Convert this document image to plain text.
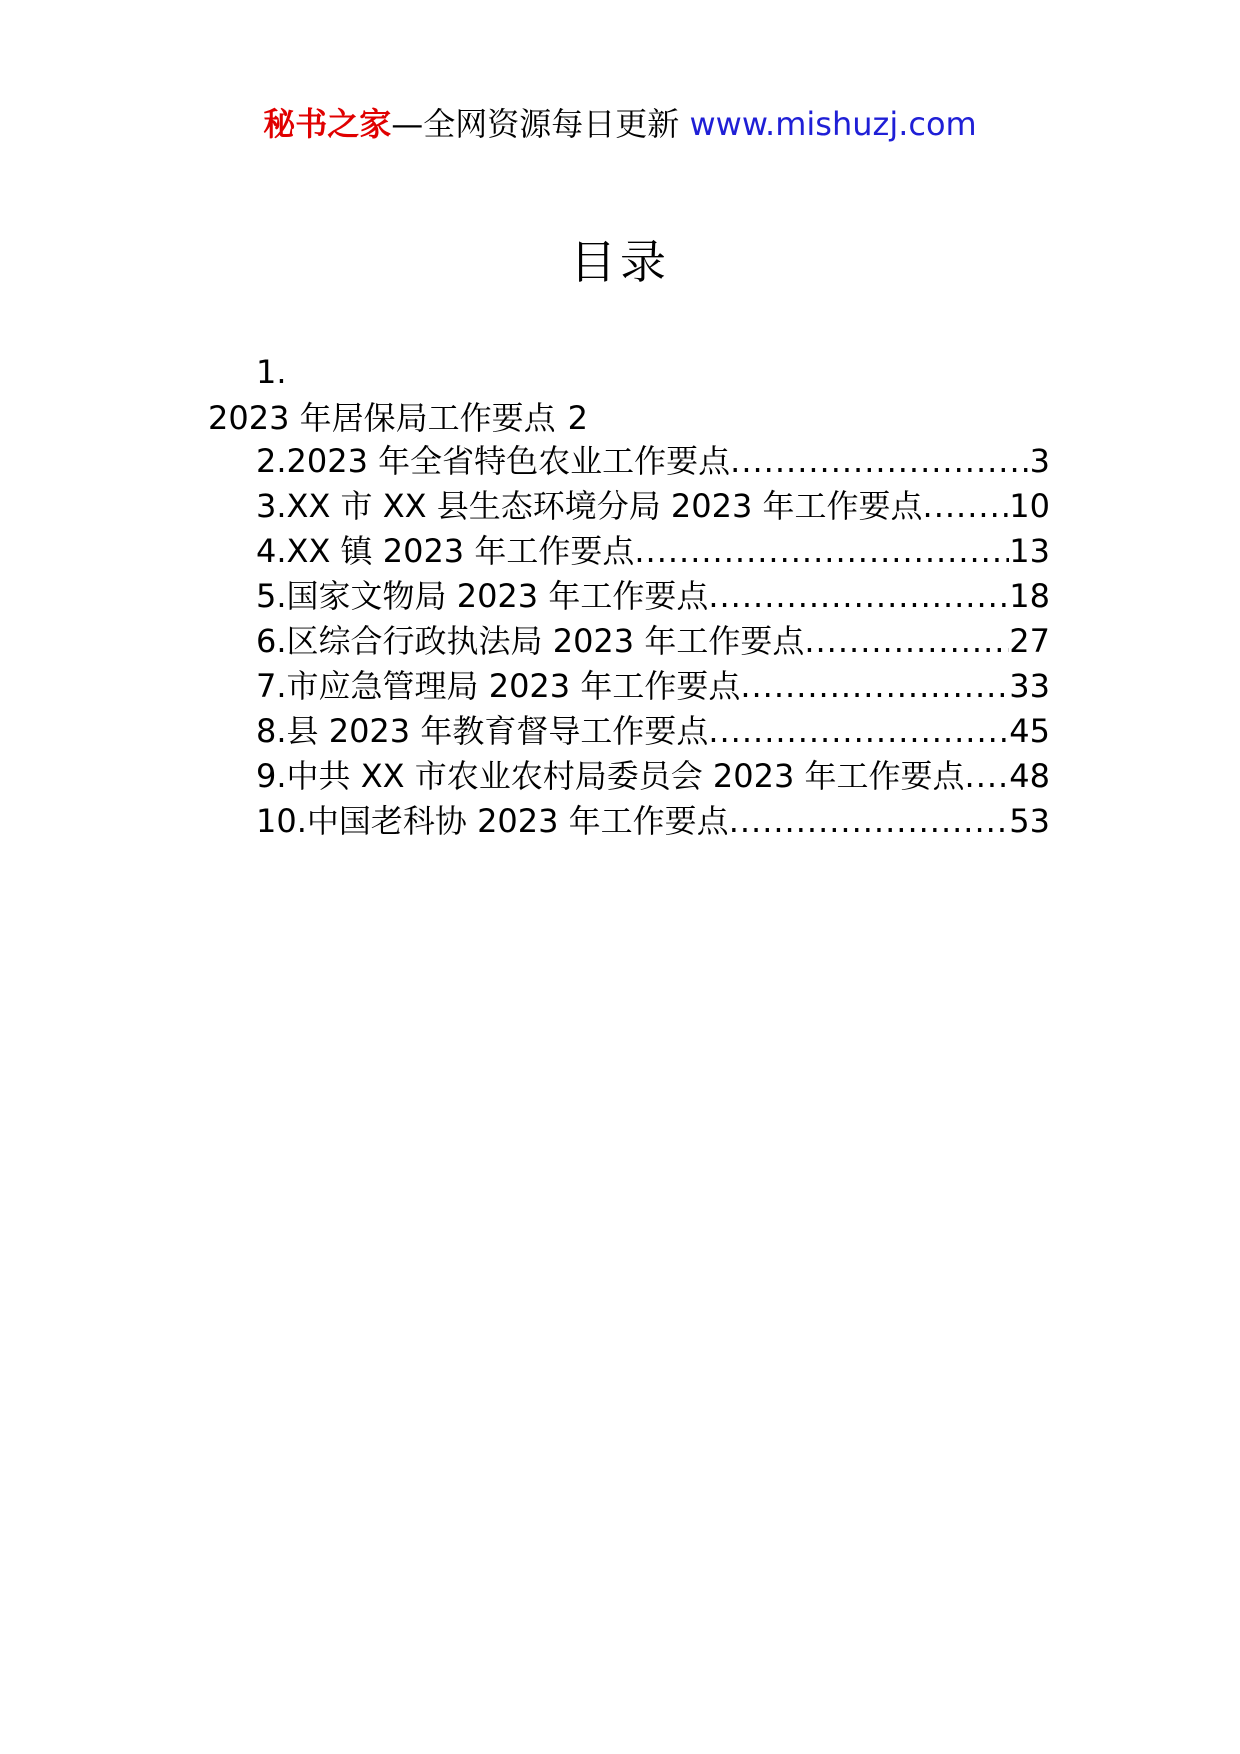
秘书之家—全网资源每日更新 www.mishuzj.com
目录
1.
2023 年居保局工作要点 2
2.2023 年全省特色农业工作要点 .....	3
3.XX 市 XX 县生态环境分局 2023 年工作要点 .....	10
4.XX 镇 2023 年工作要点 .....	13
5.国家文物局 2023 年工作要点 .....	18
6.区综合行政执法局 2023 年工作要点 .....	27
7.市应急管理局 2023 年工作要点 .....	33
8.县 2023 年教育督导工作要点 .....	45
9.中共 XX 市农业农村局委员会 2023 年工作要点 ..... 48
10.中国老科协 2023 年工作要点 .....	53
